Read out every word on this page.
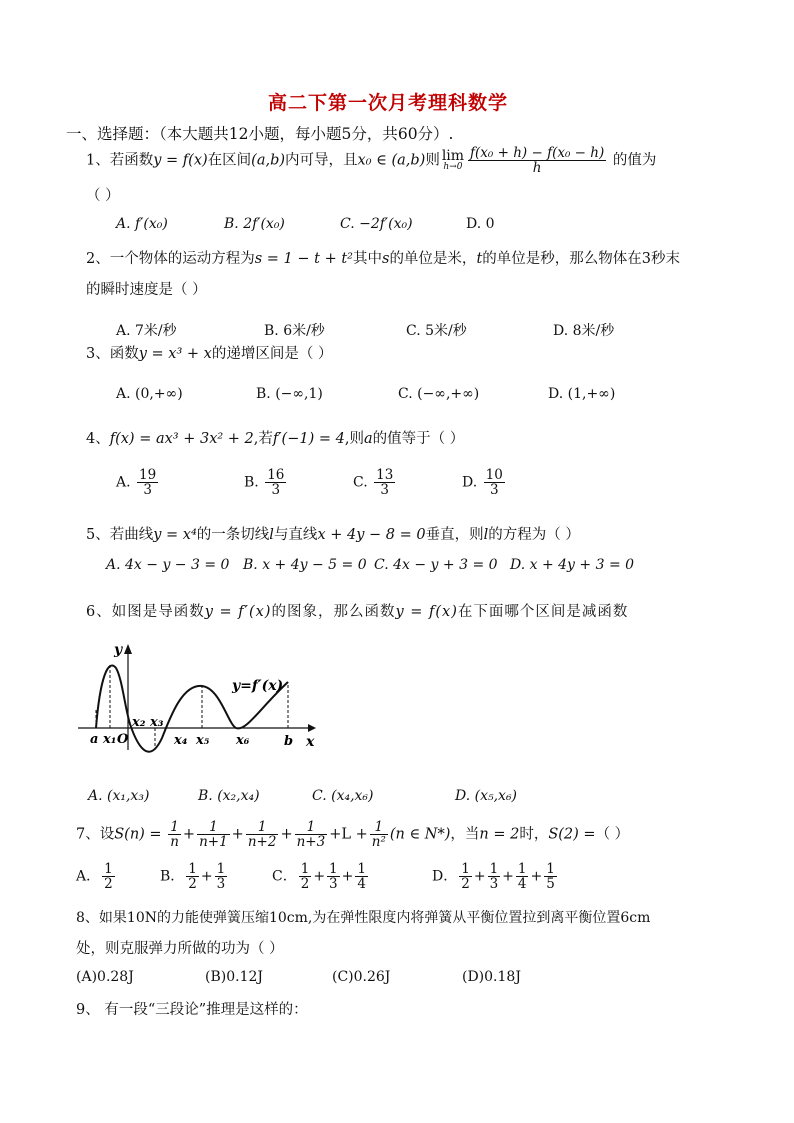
高二下第一次月考理科数学
一、选择题：（本大题共12小题，每小题5分，共60分）.
1、若函数y = f(x)在区间(a,b)内可导，且x₀ ∈ (a,b)则 lim
$h\to 0 \frac{\text{f(x₀ + h) − f(x₀ − h)}}{h}$ 的值为
（ ）
A. f′(x₀)	B. 2f′(x₀)	C. −2f′(x₀)	D. 0
2、一个物体的运动方程为s = 1 − t + t²其中s的单位是米，t的单位是秒，那么物体在3秒末
的瞬时速度是（ ）
A. 7米/秒	B. 6米/秒	C. 5米/秒	D. 8米/秒
3、函数y = x³ + x的递增区间是（ ）
A. (0,+∞)	B. (−∞,1)	C. (−∞,+∞)	D. (1,+∞)
4、f(x) = ax³ + 3x² + 2,若f′(−1) = 4,则a的值等于（ ）
A. $\frac{19}{3}$	B. $\frac{16}{3}$	C. $\frac{13}{3}$	D. $\frac{10}{3}$
5、若曲线y = x⁴的一条切线l与直线x + 4y − 8 = 0垂直，则l的方程为（ ）
A. 4x − y − 3 = 0 B. x + 4y − 5 = 0 C. 4x − y + 3 = 0 D. x + 4y + 3 = 0
6、如图是导函数y = f′(x)的图象，那么函数y = f(x)在下面哪个区间是减函数
y
x
y=f′(x)
a x₁ O
x₂ x₃
x₄ x₅ x₆	b
A. (x₁,x₃)	B. (x₂,x₄)	C. (x₄,x₆)	D. (x₅,x₆)
7、设$S(n) = \frac{1}{n} + \frac{1}{n+1} + \frac{1}{n+2} + \frac{1}{n+3} +L + \frac{1}{\text{n²}} (n$ ∈ N*)，当n = 2时，S(2) =（ ）
A． $\frac{1}{2}$	B． $\frac{1}{2} + \frac{1}{3}$	C． $\frac{1}{2} + \frac{1}{3} + \frac{1}{4}$	D． $\frac{1}{2} + \frac{1}{3} + \frac{1}{4} + \frac{1}{5}$
8、如果10N的力能使弹簧压缩10cm,为在弹性限度内将弹簧从平衡位置拉到离平衡位置6cm
处，则克服弹力所做的功为（ ）
(A)0.28J	(B)0.12J	(C)0.26J	(D)0.18J
9、 有一段“三段论”推理是这样的：
